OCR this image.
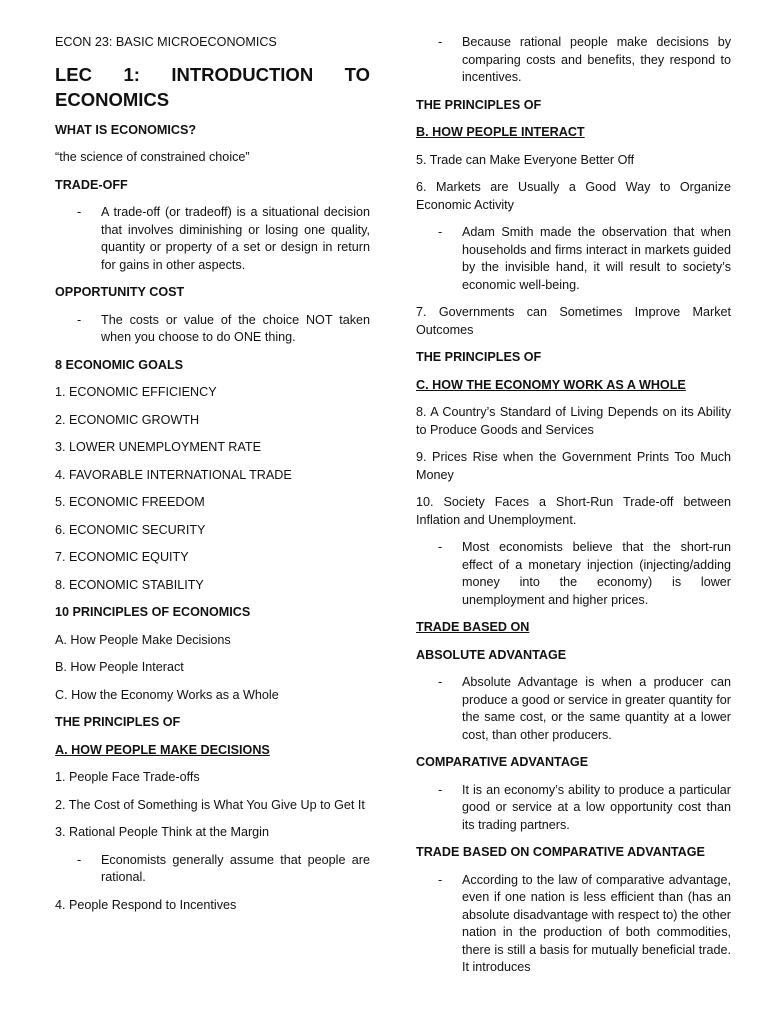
ECON 23: BASIC MICROECONOMICS

LEC 1: INTRODUCTION TO
ECONOMICS

WHAT IS ECONOMICS?

“the science of constrained choice”

TRADE-OFF

- A trade-off (or tradeoff) is a situational decision that involves diminishing or losing one quality, quantity or property of a set or design in return for gains in other aspects.

OPPORTUNITY COST

- The costs or value of the choice NOT taken when you choose to do ONE thing.

8 ECONOMIC GOALS

1. ECONOMIC EFFICIENCY

2. ECONOMIC GROWTH

3. LOWER UNEMPLOYMENT RATE

4. FAVORABLE INTERNATIONAL TRADE

5. ECONOMIC FREEDOM

6. ECONOMIC SECURITY

7. ECONOMIC EQUITY

8. ECONOMIC STABILITY

10 PRINCIPLES OF ECONOMICS

A. How People Make Decisions

B. How People Interact

C. How the Economy Works as a Whole

THE PRINCIPLES OF

A. HOW PEOPLE MAKE DECISIONS

1. People Face Trade-offs

2. The Cost of Something is What You Give Up to Get It

3. Rational People Think at the Margin

- Economists generally assume that people are rational.

4. People Respond to Incentives

- Because rational people make decisions by comparing costs and benefits, they respond to incentives.

THE PRINCIPLES OF

B. HOW PEOPLE INTERACT

5. Trade can Make Everyone Better Off

6. Markets are Usually a Good Way to Organize Economic Activity

- Adam Smith made the observation that when households and firms interact in markets guided by the invisible hand, it will result to society’s economic well-being.

7. Governments can Sometimes Improve Market Outcomes

THE PRINCIPLES OF

C. HOW THE ECONOMY WORK AS A WHOLE

8. A Country’s Standard of Living Depends on its Ability to Produce Goods and Services

9. Prices Rise when the Government Prints Too Much Money

10. Society Faces a Short-Run Trade-off between Inflation and Unemployment.

- Most economists believe that the short-run effect of a monetary injection (injecting/adding money into the economy) is lower unemployment and higher prices.

TRADE BASED ON

ABSOLUTE ADVANTAGE

- Absolute Advantage is when a producer can produce a good or service in greater quantity for the same cost, or the same quantity at a lower cost, than other producers.

COMPARATIVE ADVANTAGE

- It is an economy’s ability to produce a particular good or service at a low opportunity cost than its trading partners.

TRADE BASED ON COMPARATIVE ADVANTAGE

- According to the law of comparative advantage, even if one nation is less efficient than (has an absolute disadvantage with respect to) the other nation in the production of both commodities, there is still a basis for mutually beneficial trade. It introduces
